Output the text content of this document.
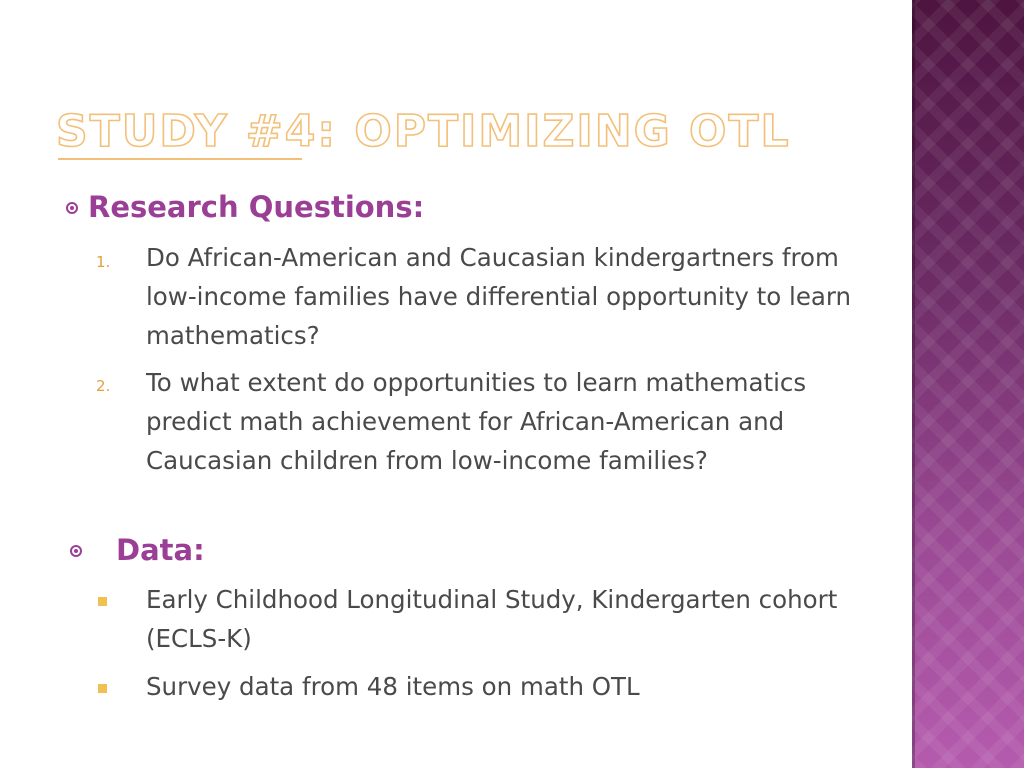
STUDY #4: OPTIMIZING OTL
Research Questions:
1. Do African-American and Caucasian kindergartners from low-income families have differential opportunity to learn mathematics?
2. To what extent do opportunities to learn mathematics predict math achievement for African-American and Caucasian children from low-income families?
Data:
Early Childhood Longitudinal Study, Kindergarten cohort (ECLS-K)
Survey data from 48 items on math OTL
